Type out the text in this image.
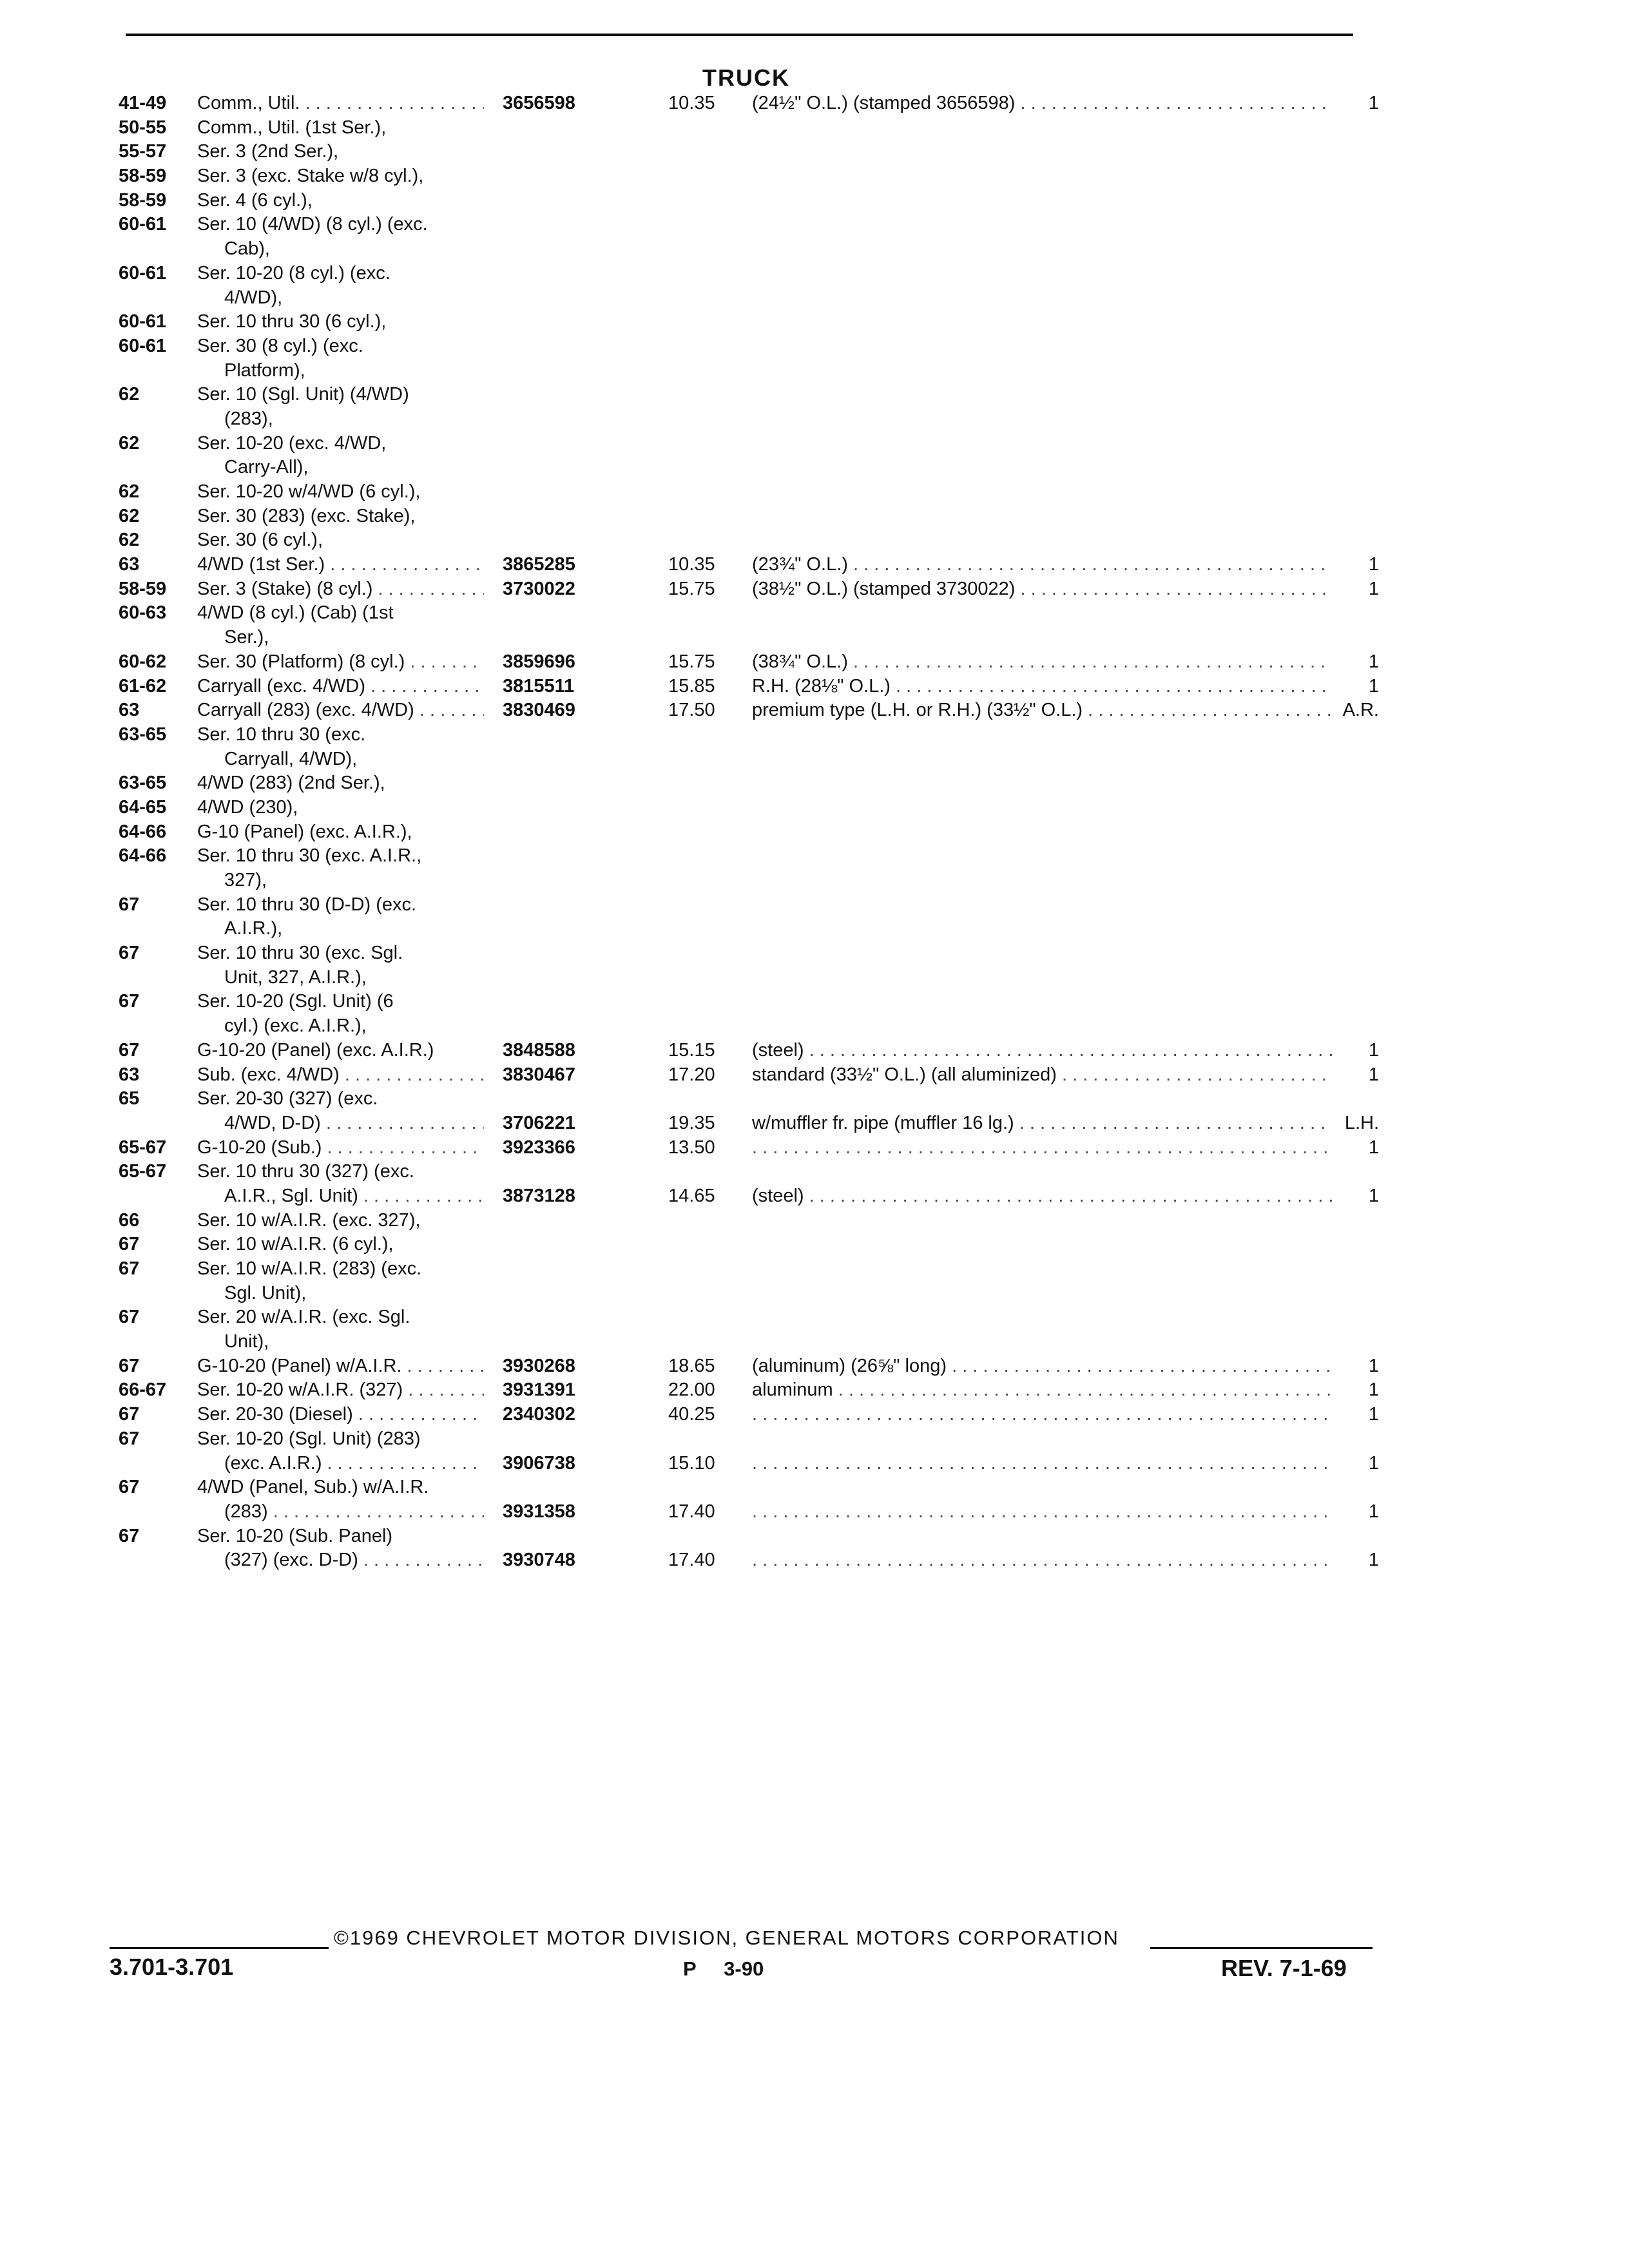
TRUCK
41-49 Comm., Util. . . .	3656598	10.35 (24½" O.L.) (stamped 3656598) . . .	1
50-55 Comm., Util. (1st Ser.),
55-57 Ser. 3 (2nd Ser.),
58-59 Ser. 3 (exc. Stake w/8 cyl.),
58-59 Ser. 4 (6 cyl.),
60-61 Ser. 10 (4/WD) (8 cyl.) (exc.
Cab),
60-61 Ser. 10-20 (8 cyl.) (exc.
4/WD),
60-61 Ser. 10 thru 30 (6 cyl.),
60-61 Ser. 30 (8 cyl.) (exc.
Platform),
62	Ser. 10 (Sgl. Unit) (4/WD)
(283),
62	Ser. 10-20 (exc. 4/WD,
Carry-All),
62	Ser. 10-20 w/4/WD (6 cyl.),
62	Ser. 30 (283) (exc. Stake),
62	Ser. 30 (6 cyl.),
63	4/WD (1st Ser.) . . .	3865285	10.35 (23¾" O.L.) . . .	1
58-59 Ser. 3 (Stake) (8 cyl.) . . .	3730022	15.75 (38½" O.L.) (stamped 3730022) . . .	1
60-63 4/WD (8 cyl.) (Cab) (1st
Ser.),
60-62 Ser. 30 (Platform) (8 cyl.) . . .	3859696	15.75 (38¾" O.L.) . . .	1
61-62 Carryall (exc. 4/WD) . . .	3815511	15.85 R.H. (28⅛" O.L.) . . .	1
63	Carryall (283) (exc. 4/WD) . . .	3830469	17.50 premium type (L.H. or R.H.) (33½" O.L.) . . .	A.R.
63-65 Ser. 10 thru 30 (exc.
Carryall, 4/WD),
63-65 4/WD (283) (2nd Ser.),
64-65 4/WD (230),
64-66 G-10 (Panel) (exc. A.I.R.),
64-66 Ser. 10 thru 30 (exc. A.I.R.,
327),
67	Ser. 10 thru 30 (D-D) (exc.
A.I.R.),
67	Ser. 10 thru 30 (exc. Sgl.
Unit, 327, A.I.R.),
67	Ser. 10-20 (Sgl. Unit) (6
cyl.) (exc. A.I.R.),
67	G-10-20 (Panel) (exc. A.I.R.)	3848588	15.15 (steel) . . .	1
63	Sub. (exc. 4/WD) . . .	3830467	17.20 standard (33½" O.L.) (all aluminized) . . .	1
65	Ser. 20-30 (327) (exc.
4/WD, D-D) . . .	3706221	19.35 w/muffler fr. pipe (muffler 16 lg.) . . .	L.H.
65-67 G-10-20 (Sub.) . . .	3923366	13.50 . . .	1
65-67 Ser. 10 thru 30 (327) (exc.
A.I.R., Sgl. Unit) . . .	3873128	14.65 (steel) . . .	1
66	Ser. 10 w/A.I.R. (exc. 327),
67	Ser. 10 w/A.I.R. (6 cyl.),
67	Ser. 10 w/A.I.R. (283) (exc.
Sgl. Unit),
67	Ser. 20 w/A.I.R. (exc. Sgl.
Unit),
67	G-10-20 (Panel) w/A.I.R. . . .	3930268	18.65 (aluminum) (26⅝" long) . . .	1
66-67 Ser. 10-20 w/A.I.R. (327) . . .	3931391	22.00 aluminum . . .	1
67	Ser. 20-30 (Diesel) . . .	2340302	40.25 . . .	1
67	Ser. 10-20 (Sgl. Unit) (283)
(exc. A.I.R.) . . .	3906738	15.10 . . .	1
67	4/WD (Panel, Sub.) w/A.I.R.
(283) . . .	3931358	17.40 . . .	1
67	Ser. 10-20 (Sub. Panel)
(327) (exc. D-D) . . .	3930748	17.40 . . .	1
©1969 CHEVROLET MOTOR DIVISION, GENERAL MOTORS CORPORATION
3.701-3.701	P     3-90	REV. 7-1-69
